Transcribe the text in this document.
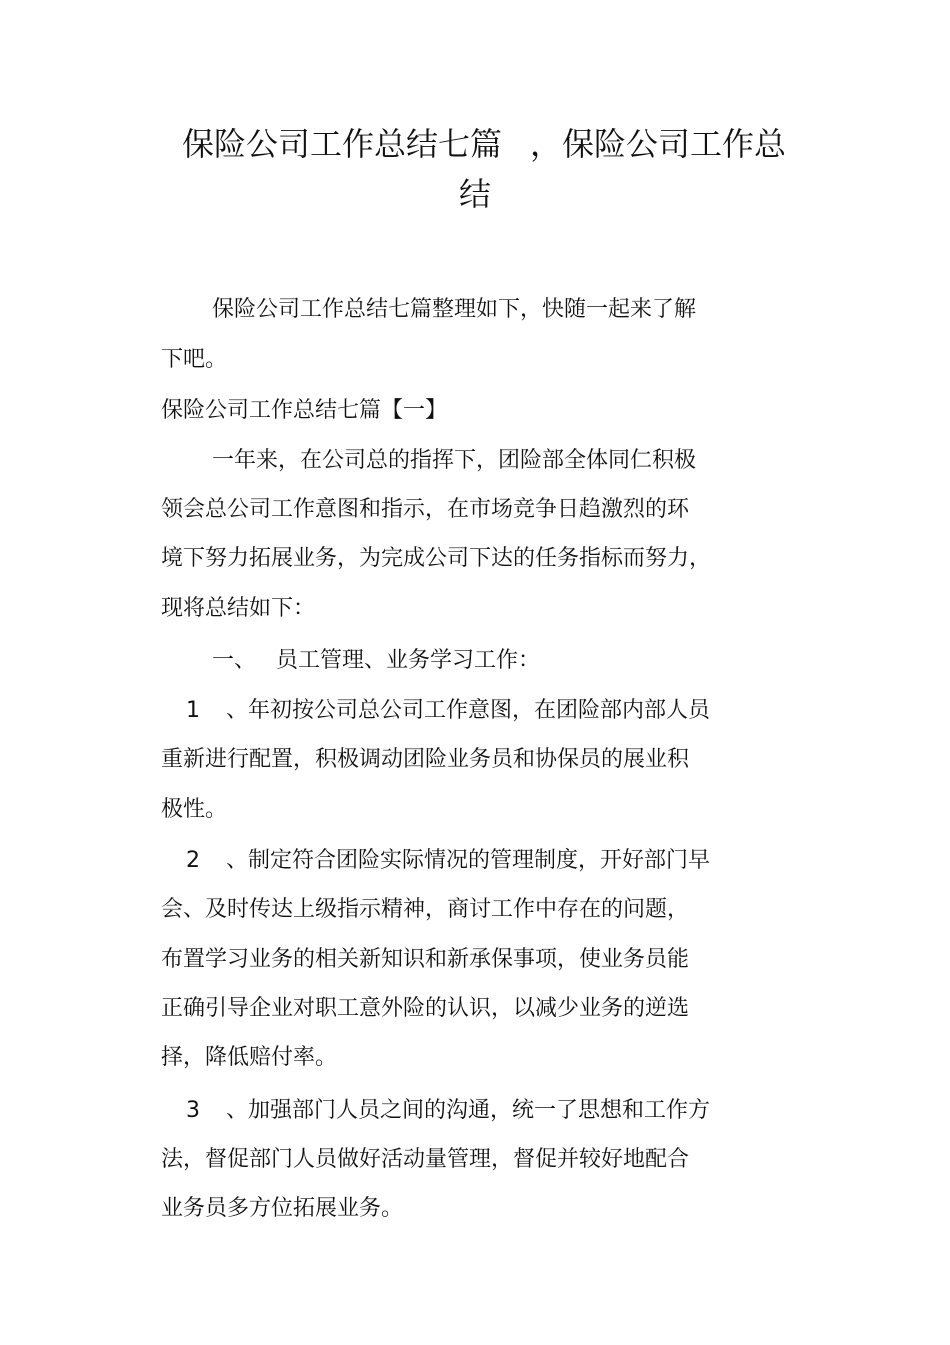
保险公司工作总结七篇 ，保险公司工作总
结
保险公司工作总结七篇整理如下，快随一起来了解
下吧。
保险公司工作总结七篇【一】
一年来，在公司总的指挥下，团险部全体同仁积极
领会总公司工作意图和指示，在市场竞争日趋激烈的环
境下努力拓展业务，为完成公司下达的任务指标而努力，
现将总结如下：
一、 员工管理、业务学习工作：
1 、年初按公司总公司工作意图，在团险部内部人员
重新进行配置，积极调动团险业务员和协保员的展业积
极性。
2 、制定符合团险实际情况的管理制度，开好部门早
会、及时传达上级指示精神，商讨工作中存在的问题，
布置学习业务的相关新知识和新承保事项，使业务员能
正确引导企业对职工意外险的认识，以减少业务的逆选
择，降低赔付率。
3 、加强部门人员之间的沟通，统一了思想和工作方
法，督促部门人员做好活动量管理，督促并较好地配合
业务员多方位拓展业务。
